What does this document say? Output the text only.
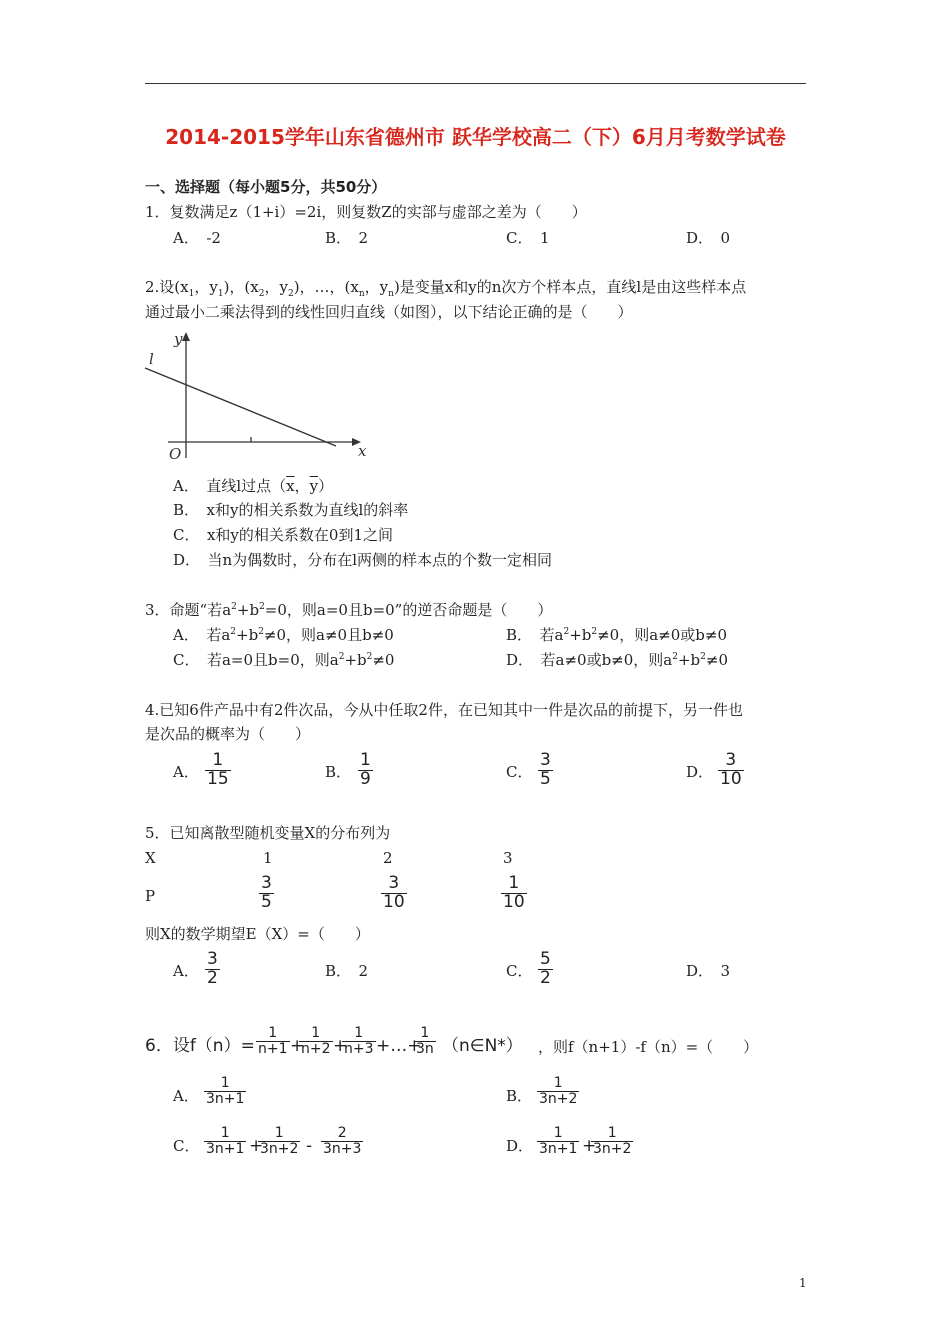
2014-2015学年山东省德州市 跃华学校高二（下）6月月考数学试卷
一、选择题（每小题5分，共50分）
1．复数满足z（1+i）=2i，则复数Z的实部与虚部之差为（　　）
A．　-2	B．　2	C．　1	D．　0
2.设($x_1$，$y_1$)，($x_2$，$y_2$)，…，($x_n$，$y_n$)是变量x和y的n次方个样本点，直线l是由这些样本点
通过最小二乘法得到的线性回归直线（如图），以下结论正确的是（　　）
y
x
O
l
A．　直线l过点（$\overline{x}$，$\overline{y}$）
B．　x和y的相关系数为直线l的斜率
C．　x和y的相关系数在0到1之间
D．　当n为偶数时，分布在l两侧的样本点的个数一定相同
3．命题“若$a^2+b^2=0$，则a=0且b=0”的逆否命题是（　　）
A．　若$a^2+b^2\ne 0$，则a≠0且b≠0	B．　若$a^2+b^2\ne 0$，则a≠0或b≠0
C．　若a=0且b=0，则$a^2+b^2\ne 0$	D．　若a≠0或b≠0，则$a^2+b^2\ne 0$
4.已知6件产品中有2件次品，今从中任取2件，在已知其中一件是次品的前提下，另一件也
是次品的概率为（　　）
A． $\frac{1}{15}$	B． $\frac{1}{9}$	C． $\frac{3}{5}$	D． $\frac{3}{10}$
5．已知离散型随机变量X的分布列为
X	1	2	3
P	$\frac{3}{5}$	$\frac{3}{10}$	$\frac{1}{10}$
则X的数学期望E（X）=（　　）
A． $\frac{3}{2}$	B．　2	C． $\frac{5}{2}$	D．　3
6．设$f(n)= \frac{1}{n+1}$ +
$\frac{1}{n+2}$ +
$\frac{1}{n+3}$ +…+
$\frac{1}{3n}$ （n∈N*） ，则f（n+1）-f（n）=（　　）
A． $\frac{1}{3n+1}$	B． $\frac{1}{3n+2}$
C． $\frac{1}{3n+1}$ +
$\frac{1}{3n+2} - \frac{2}{3n+3}$	D． $\frac{1}{3n+1}$ +
$\frac{1}{3n+2}$
1
